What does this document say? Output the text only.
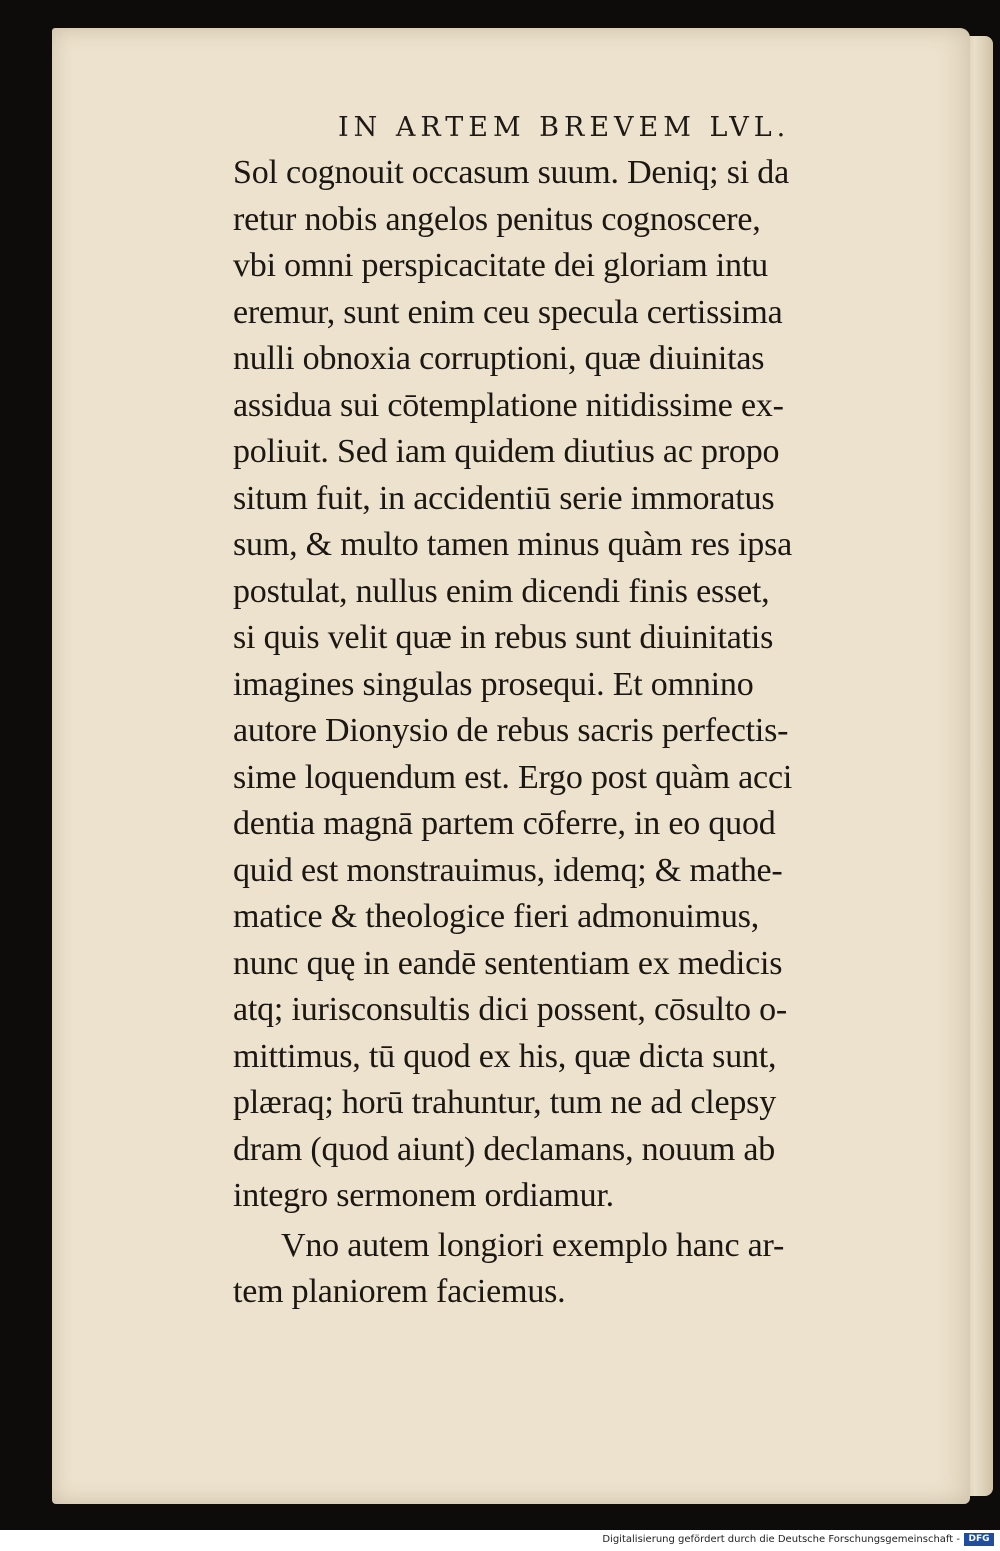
IN ARTEM BREVEM LVL.
Sol cognouit occasum suum. Deniq; si da
retur nobis angelos penitus cognoscere,
vbi omni perspicacitate dei gloriam intu
eremur, sunt enim ceu specula certissima
nulli obnoxia corruptioni, quæ diuinitas
assidua sui cōtemplatione nitidissime ex-
poliuit. Sed iam quidem diutius ac propo
situm fuit, in accidentiū serie immoratus
sum, & multo tamen minus quàm res ipsa
postulat, nullus enim dicendi finis esset,
si quis velit quæ in rebus sunt diuinitatis
imagines singulas prosequi. Et omnino
autore Dionysio de rebus sacris perfectis-
sime loquendum est. Ergo post quàm acci
dentia magnā partem cōferre, in eo quod
quid est monstrauimus, idemq; & mathe-
matice & theologice fieri admonuimus,
nunc quę in eandē sententiam ex medicis
atq; iurisconsultis dici possent, cōsulto o-
mittimus, tū quod ex his, quæ dicta sunt,
plæraq; horū trahuntur, tum ne ad clepsy
dram (quod aiunt) declamans, nouum ab
integro sermonem ordiamur.
Vno autem longiori exemplo hanc ar-
tem planiorem faciemus.
Digitalisierung gefördert durch die Deutsche Forschungsgemeinschaft - DFG
